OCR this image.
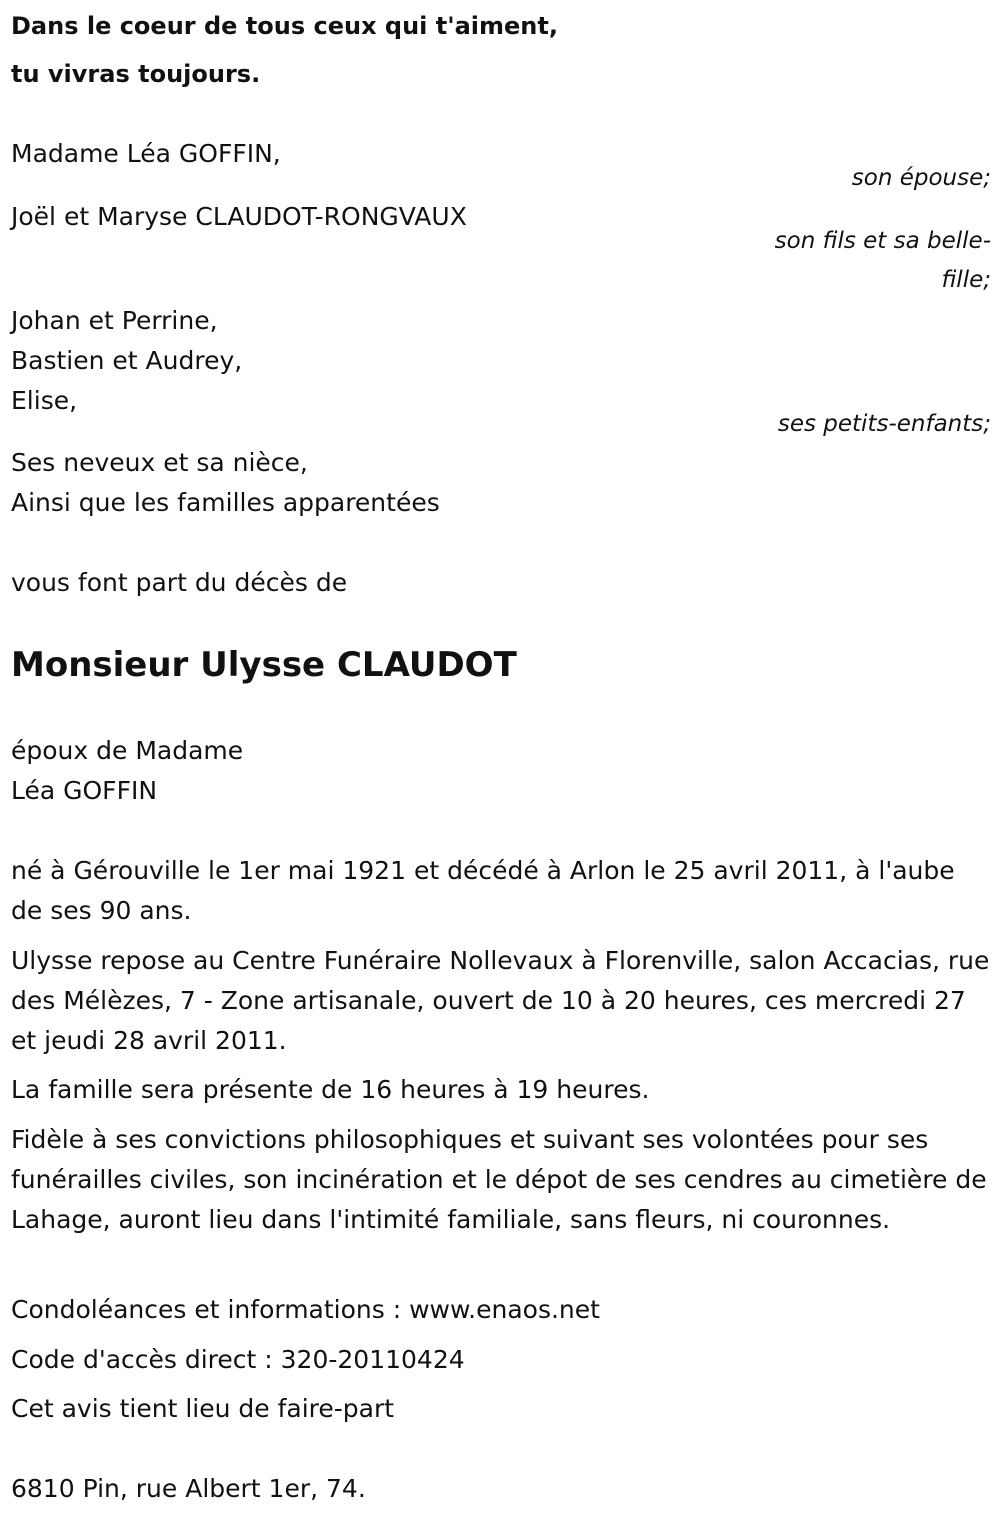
Dans le coeur de tous ceux qui t'aiment,
tu vivras toujours.
Madame Léa GOFFIN,
son épouse;
Joël et Maryse CLAUDOT-RONGVAUX
son fils et sa belle-
fille;
Johan et Perrine,
Bastien et Audrey,
Elise,
ses petits-enfants;
Ses neveux et sa nièce,
Ainsi que les familles apparentées
vous font part du décès de
Monsieur Ulysse CLAUDOT
époux de Madame
Léa GOFFIN
né à Gérouville le 1er mai 1921 et décédé à Arlon le 25 avril 2011, à l'aube de ses 90 ans.
Ulysse repose au Centre Funéraire Nollevaux à Florenville, salon Accacias, rue des Mélèzes, 7 - Zone artisanale, ouvert de 10 à 20 heures, ces mercredi 27 et jeudi 28 avril 2011.
La famille sera présente de 16 heures à 19 heures.
Fidèle à ses convictions philosophiques et suivant ses volontées pour ses funérailles civiles, son incinération et le dépot de ses cendres au cimetière de Lahage, auront lieu dans l'intimité familiale, sans fleurs, ni couronnes.
Condoléances et informations : www.enaos.net
Code d'accès direct : 320-20110424
Cet avis tient lieu de faire-part
6810 Pin, rue Albert 1er, 74.
